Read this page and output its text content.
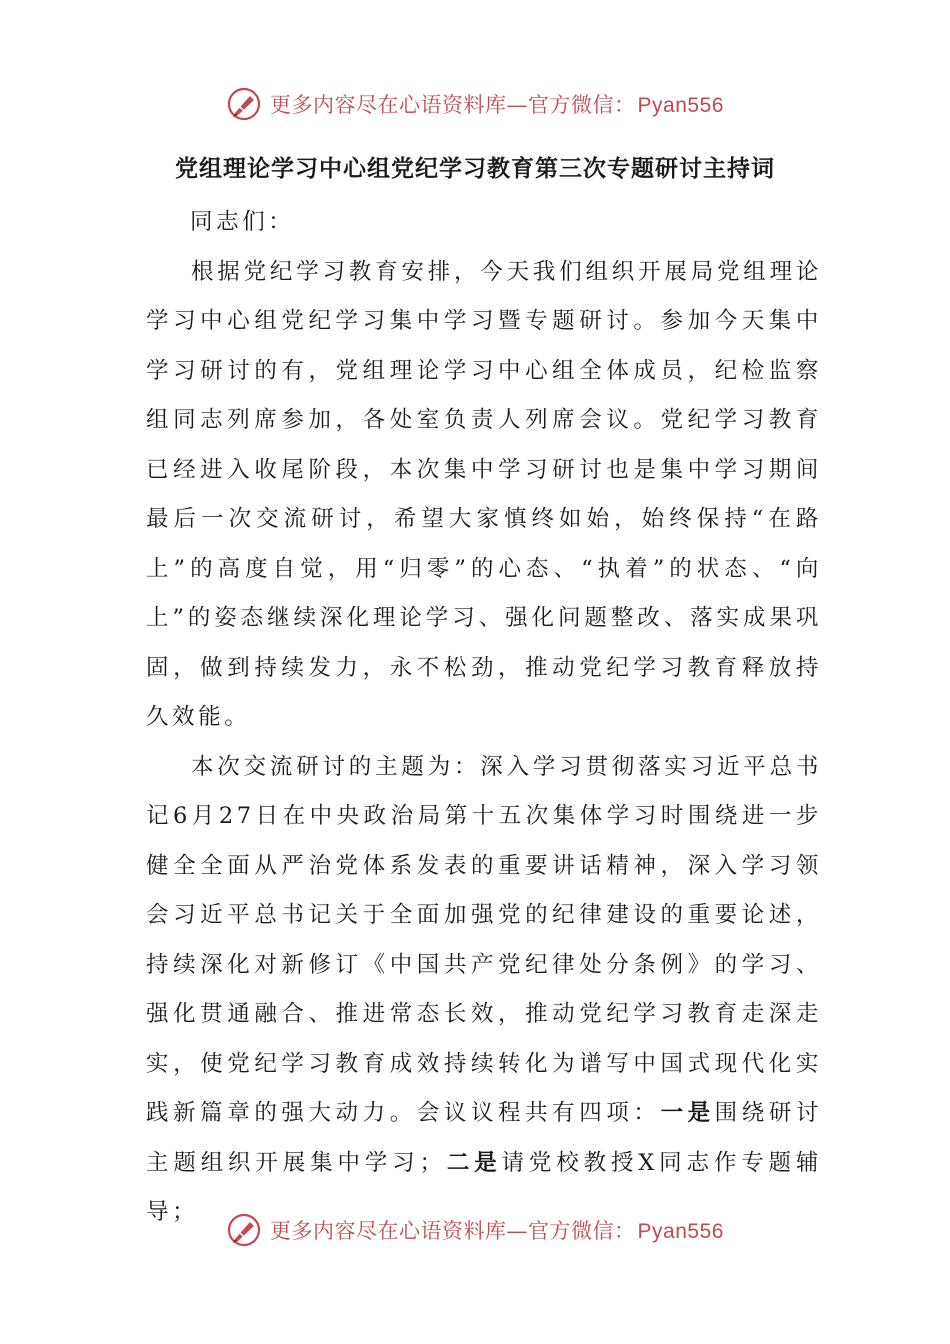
更多内容尽在心语资料库—官方微信：Pyan556
党组理论学习中心组党纪学习教育第三次专题研讨主持词
同志们：

根据党纪学习教育安排，今天我们组织开展局党组理论学习中心组党纪学习集中学习暨专题研讨。参加今天集中学习研讨的有，党组理论学习中心组全体成员，纪检监察组同志列席参加，各处室负责人列席会议。党纪学习教育已经进入收尾阶段，本次集中学习研讨也是集中学习期间最后一次交流研讨，希望大家慎终如始，始终保持“在路上”的高度自觉，用“归零”的心态、“执着”的状态、“向上”的姿态继续深化理论学习、强化问题整改、落实成果巩固，做到持续发力，永不松劲，推动党纪学习教育释放持久效能。

本次交流研讨的主题为：深入学习贯彻落实习近平总书记6月27日在中央政治局第十五次集体学习时围绕进一步健全全面从严治党体系发表的重要讲话精神，深入学习领会习近平总书记关于全面加强党的纪律建设的重要论述，持续深化对新修订《中国共产党纪律处分条例》的学习、强化贯通融合、推进常态长效，推动党纪学习教育走深走实，使党纪学习教育成效持续转化为谱写中国式现代化实践新篇章的强大动力。会议议程共有四项：一是围绕研讨主题组织开展集中学习；二是请党校教授X同志作专题辅导；

更多内容尽在心语资料库—官方微信：Pyan556
